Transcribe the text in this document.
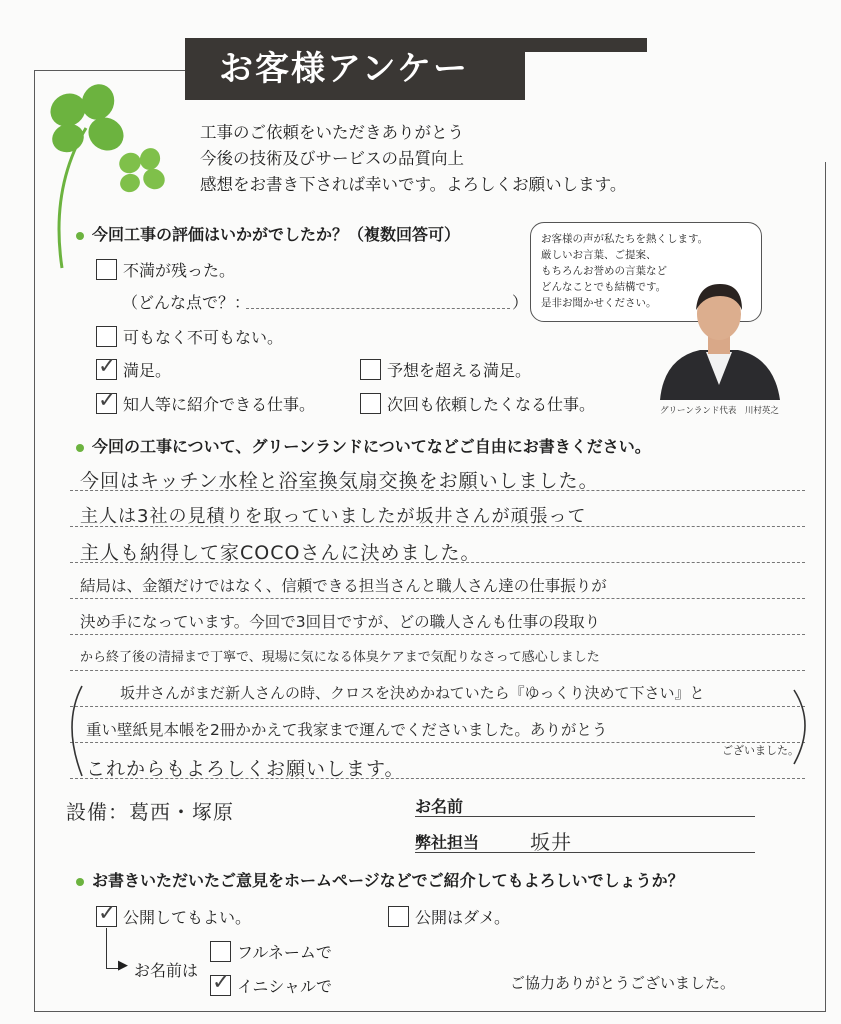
お客様アンケー
工事のご依頼をいただきありがとう
今後の技術及びサービスの品質向上
感想をお書き下されば幸いです。よろしくお願いします。
今回工事の評価はいかがでしたか？（複数回答可）
不満が残った。
（どんな点で？：	）
可もなく不可もない。
✓ 満足。	予想を超える満足。
✓ 知人等に紹介できる仕事。	次回も依頼したくなる仕事。
お客様の声が私たちを熱くします。
厳しいお言葉、ご提案、
もちろんお誉めの言葉など
どんなことでも結構です。
是非お聞かせください。
グリーンランド代表　川村英之
今回の工事について、グリーンランドについてなどご自由にお書きください。
今回はキッチン水栓と浴室換気扇交換をお願いしました。
主人は3社の見積りを取っていましたが坂井さんが頑張って
主人も納得して家COCOさんに決めました。
結局は、金額だけではなく、信頼できる担当さんと職人さん達の仕事振りが
決め手になっています。今回で3回目ですが、どの職人さんも仕事の段取り
から終了後の清掃まで丁寧で、現場に気になる体臭ケアまで気配りなさって感心しました
坂井さんがまだ新人さんの時、クロスを決めかねていたら『ゆっくり決めて下さい』と
重い壁紙見本帳を2冊かかえて我家まで運んでくださいました。ありがとう
ございました。
これからもよろしくお願いします。
設備：葛西・塚原	お名前
弊社担当	坂井
お書きいただいたご意見をホームページなどでご紹介してもよろしいでしょうか？
✓ 公開してもよい。	公開はダメ。
▶ お名前は
フルネームで
✓ イニシャルで	ご協力ありがとうございました。
